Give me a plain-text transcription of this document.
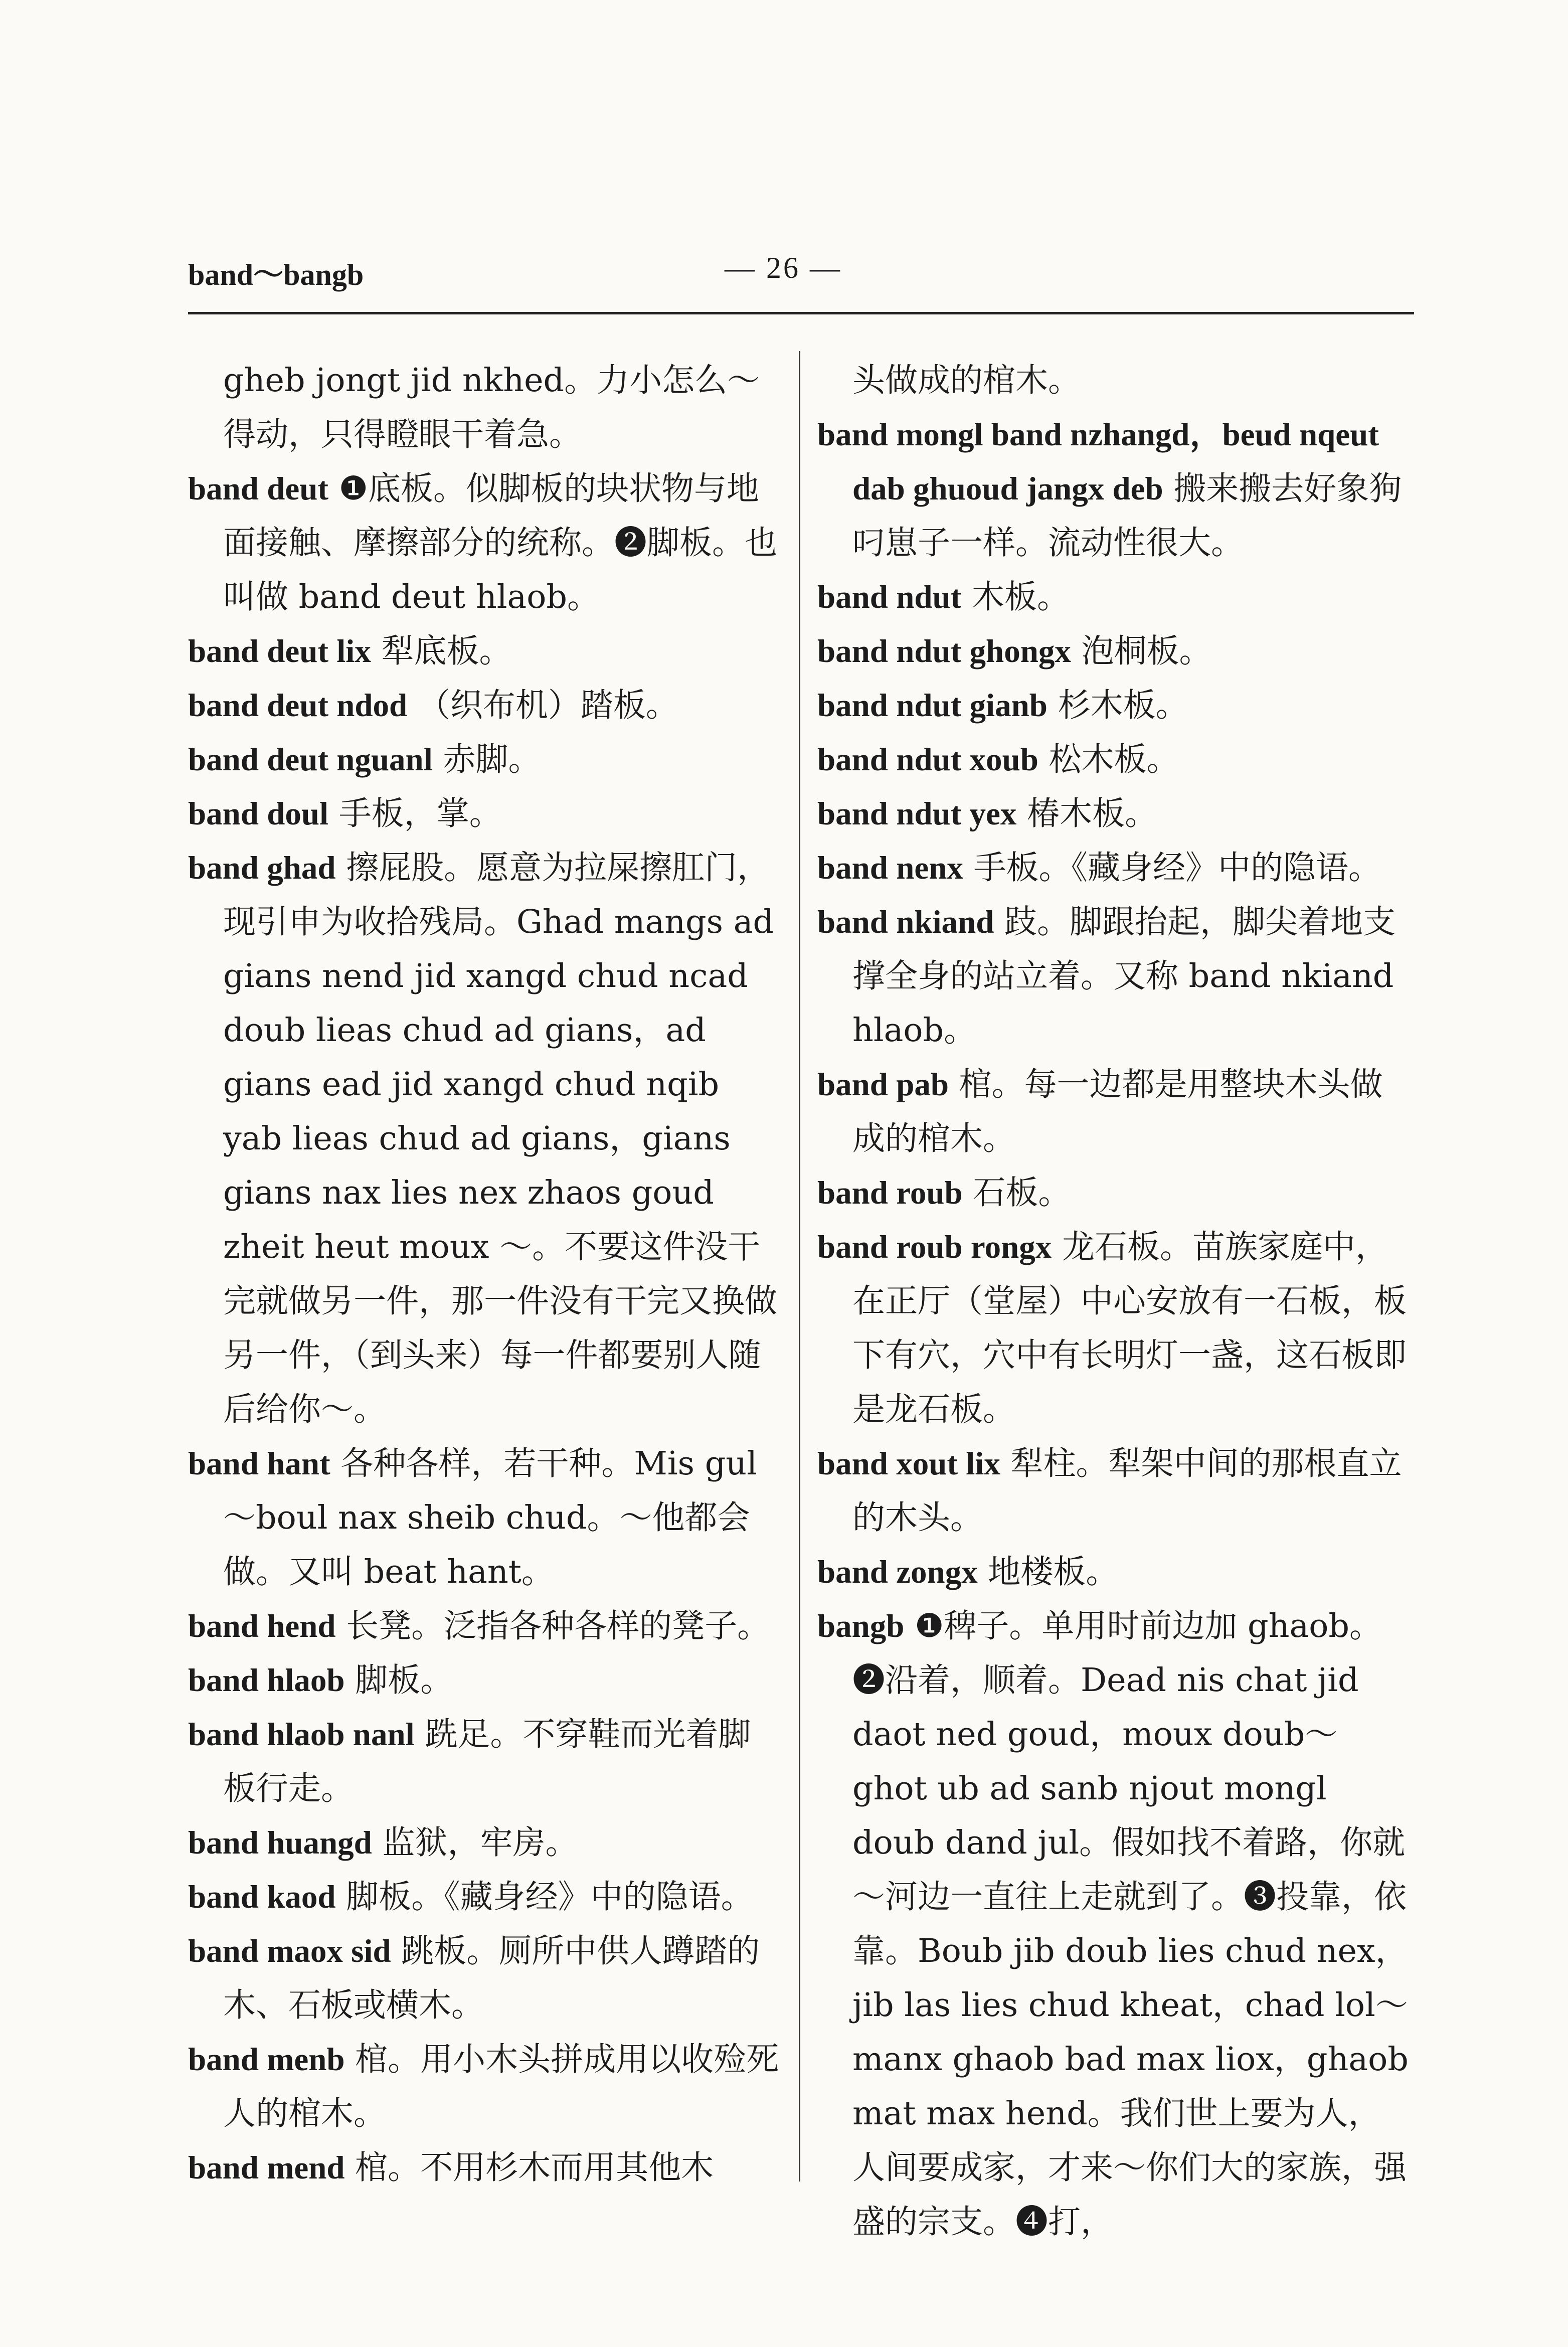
band～bangb	— 26 —

gheb jongt jid nkhed。力小怎么～得动，只得瞪眼干着急。

band deut ❶底板。似脚板的块状物与地面接触、摩擦部分的统称。❷脚板。也叫做 band deut hlaob。

band deut lix 犁底板。

band deut ndod （织布机）踏板。

band deut nguanl 赤脚。

band doul 手板，掌。

band ghad 擦屁股。愿意为拉屎擦肛门，现引申为收拾残局。Ghad mangs ad gians nend jid xangd chud ncad doub lieas chud ad gians，ad gians ead jid xangd chud nqib yab lieas chud ad gians，gians gians nax lies nex zhaos goud zheit heut moux ～。不要这件没干完就做另一件，那一件没有干完又换做另一件，（到头来）每一件都要别人随后给你～。

band hant 各种各样，若干种。Mis gul ～boul nax sheib chud。～他都会做。又叫 beat hant。

band hend 长凳。泛指各种各样的凳子。

band hlaob 脚板。

band hlaob nanl 跣足。不穿鞋而光着脚板行走。

band huangd 监狱，牢房。

band kaod 脚板。《藏身经》中的隐语。

band maox sid 跳板。厕所中供人蹲踏的木、石板或横木。

band menb 棺。用小木头拼成用以收殓死人的棺木。

band mend 棺。不用杉木而用其他木

头做成的棺木。

band mongl band nzhangd，beud nqeut dab ghuoud jangx deb 搬来搬去好象狗叼崽子一样。流动性很大。

band ndut 木板。

band ndut ghongx 泡桐板。

band ndut gianb 杉木板。

band ndut xoub 松木板。

band ndut yex 椿木板。

band nenx 手板。《藏身经》中的隐语。

band nkiand 跂。脚跟抬起，脚尖着地支撑全身的站立着。又称 band nkiand hlaob。

band pab 棺。每一边都是用整块木头做成的棺木。

band roub 石板。

band roub rongx 龙石板。苗族家庭中，在正厅（堂屋）中心安放有一石板，板下有穴，穴中有长明灯一盏，这石板即是龙石板。

band xout lix 犁柱。犁架中间的那根直立的木头。

band zongx 地楼板。

bangb ❶稗子。单用时前边加 ghaob。❷沿着，顺着。Dead nis chat jid daot ned goud，moux doub～ghot ub ad sanb njout mongl doub dand jul。假如找不着路，你就～河边一直往上走就到了。❸投靠，依靠。Boub jib doub lies chud nex，jib las lies chud kheat，chad lol～ manx ghaob bad max liox，ghaob mat max hend。我们世上要为人，人间要成家，才来～你们大的家族，强盛的宗支。❹打，
